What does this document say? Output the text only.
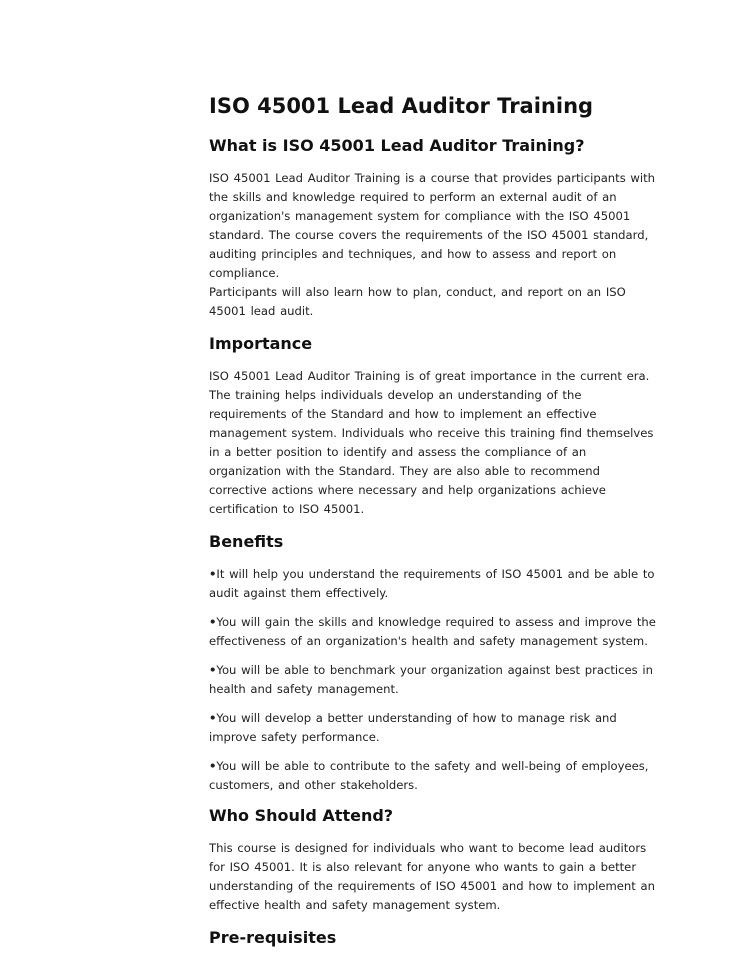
ISO 45001 Lead Auditor Training
What is ISO 45001 Lead Auditor Training?

ISO 45001 Lead Auditor Training is a course that provides participants with the skills and knowledge required to perform an external audit of an organization's management system for compliance with the ISO 45001 standard. The course covers the requirements of the ISO 45001 standard, auditing principles and techniques, and how to assess and report on compliance.

Participants will also learn how to plan, conduct, and report on an ISO 45001 lead audit.

Importance

ISO 45001 Lead Auditor Training is of great importance in the current era. The training helps individuals develop an understanding of the requirements of the Standard and how to implement an effective management system. Individuals who receive this training find themselves in a better position to identify and assess the compliance of an organization with the Standard. They are also able to recommend corrective actions where necessary and help organizations achieve certification to ISO 45001.

Benefits

• It will help you understand the requirements of ISO 45001 and be able to audit against them effectively.

• You will gain the skills and knowledge required to assess and improve the effectiveness of an organization's health and safety management system.

• You will be able to benchmark your organization against best practices in health and safety management.

• You will develop a better understanding of how to manage risk and improve safety performance.

• You will be able to contribute to the safety and well-being of employees, customers, and other stakeholders.

Who Should Attend?

This course is designed for individuals who want to become lead auditors for ISO 45001. It is also relevant for anyone who wants to gain a better understanding of the requirements of ISO 45001 and how to implement an effective health and safety management system.

Pre-requisites
